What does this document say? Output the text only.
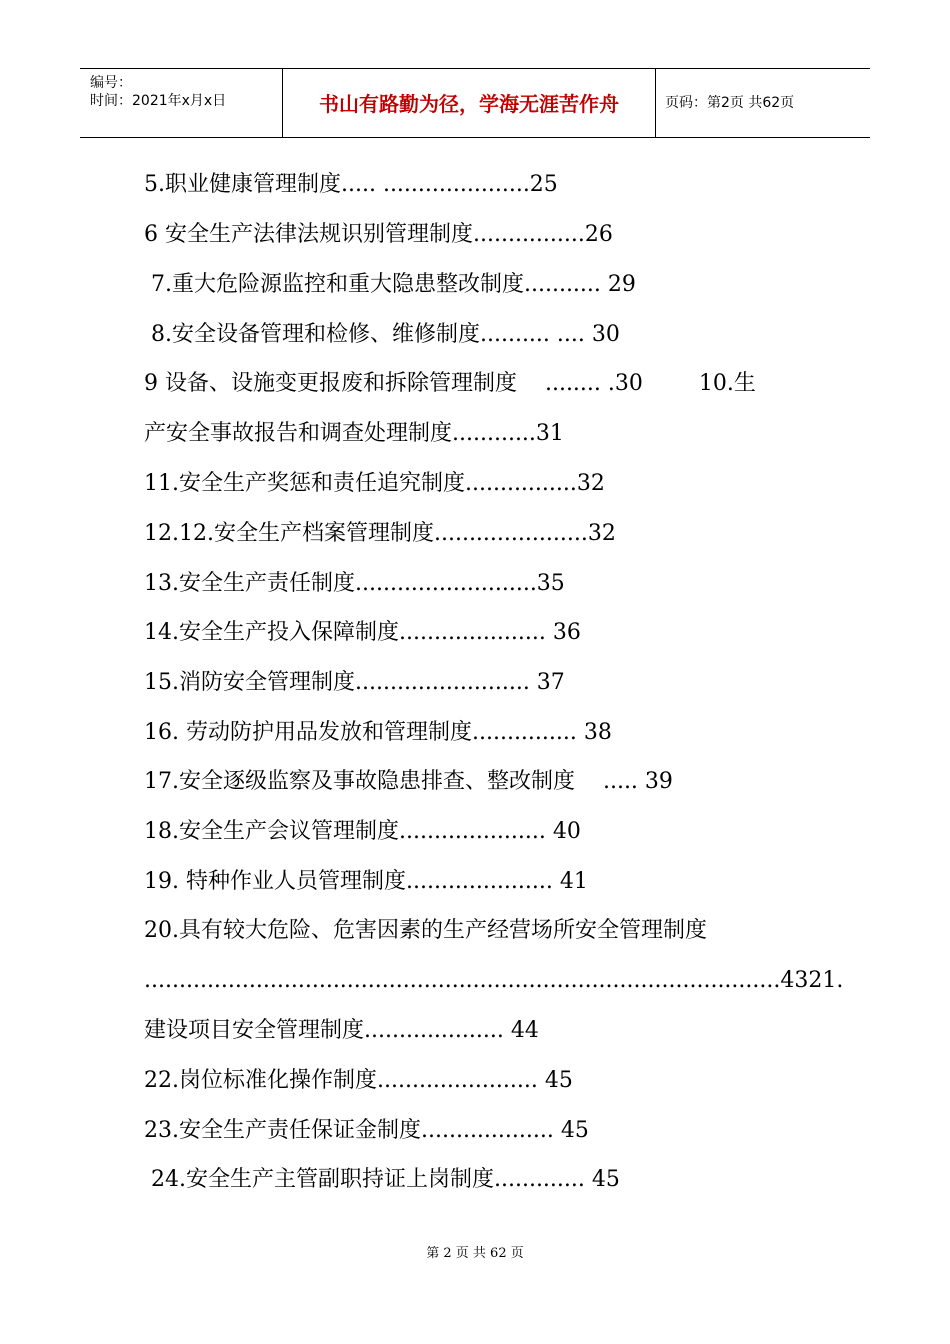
编号：
时间：2021年x月x日	书山有路勤为径，学海无涯苦作舟	页码：第2页 共62页
5.职业健康管理制度..... .....................25
6 安全生产法律法规识别管理制度................26
7.重大危险源监控和重大隐患整改制度........... 29
8.安全设备管理和检修、维修制度.......... .... 30
9 设备、设施变更报废和拆除管理制度    ........ .30        10.生
产安全事故报告和调查处理制度............31
11.安全生产奖惩和责任追究制度................32
12.12.安全生产档案管理制度......................32
13.安全生产责任制度..........................35
14.安全生产投入保障制度..................... 36
15.消防安全管理制度......................... 37
16. 劳动防护用品发放和管理制度............... 38
17.安全逐级监察及事故隐患排查、整改制度    ..... 39
18.安全生产会议管理制度..................... 40
19. 特种作业人员管理制度..................... 41
20.具有较大危险、危害因素的生产经营场所安全管理制度
...........................................................................................4321.
建设项目安全管理制度.................... 44
22.岗位标准化操作制度....................... 45
23.安全生产责任保证金制度................... 45
24.安全生产主管副职持证上岗制度............. 45
第 2 页 共 62 页
